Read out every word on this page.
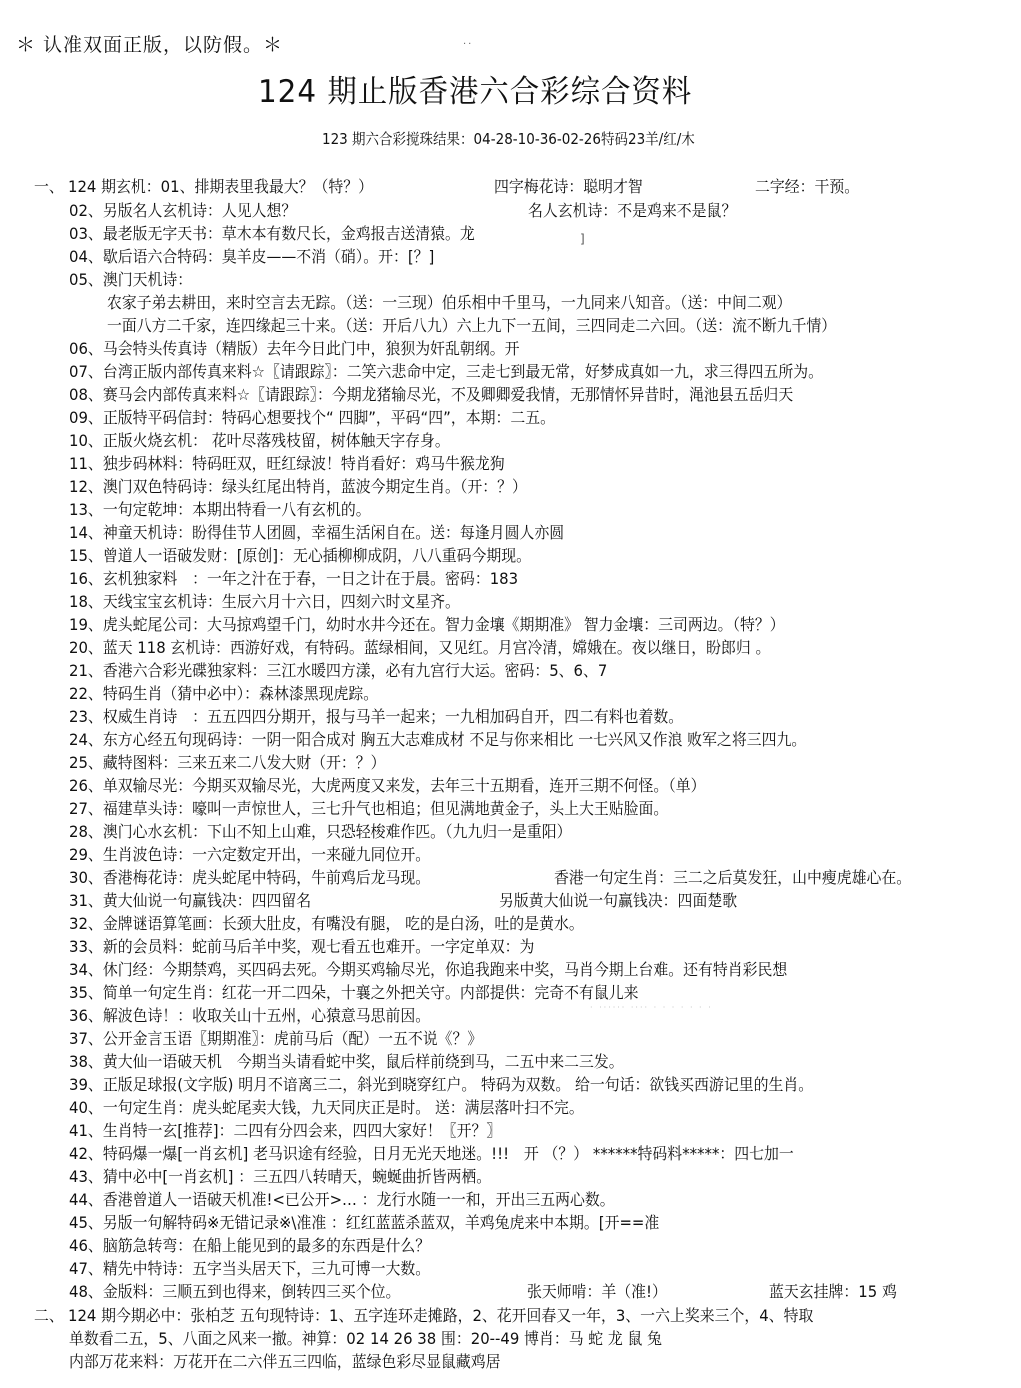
＊ 认准双面正版，以防假。＊	..
124 期止版香港六合彩综合资料
123 期六合彩搅珠结果：04-28-10-36-02-26特码23羊/红/木
一、 124 期玄机：01、排期表里我最大？（特？）	四字梅花诗：聪明才智	二字经：干预。
02、另版名人玄机诗：人见人想？	名人玄机诗：不是鸡来不是鼠？
03、最老版无字天书：草木本有数尺长，金鸡报吉送清猿。龙	]
04、歇后语六合特码：臭羊皮——不消（硝）。开：[？]
05、澳门天机诗：
农家子弟去耕田，来时空言去无踪。（送：一三现）伯乐相中千里马，一九同来八知音。（送：中间二观）
一面八方二千家，连四缘起三十来。（送：开后八九）六上九下一五间，三四同走二六回。（送：流不断九千情）
06、马会特头传真诗（精版）去年今日此门中，狼狈为奸乱朝纲。开
07、台湾正版内部传真来料☆〖请跟踪〗：二笑六悲命中定，三走七到最无常，好梦成真如一九，求三得四五所为。
08、赛马会内部传真来料☆〖请跟踪〗：今期龙猪输尽光，不及卿卿爱我情，无那情怀异昔时，渑池县五岳归天
09、正版特平码信封：特码心想要找个“ 四脚”，平码“四”，本期：二五。
10、正版火烧玄机： 花叶尽落残枝留，树体触天字存身。
11、独步码林料：特码旺双，旺红绿波！特肖看好：鸡马牛猴龙狗
12、澳门双色特码诗：绿头红尾出特肖，蓝波今期定生肖。（开：？）
13、一句定乾坤：本期出特看一八有玄机的。
14、神童天机诗：盼得佳节人团圆，幸福生活闲自在。送：每逢月圆人亦圆
15、曾道人一语破发财：[原创]：无心插柳柳成阴，八八重码今期现。
16、玄机独家料　：一年之汁在于春，一日之计在于晨。密码：183
18、天线宝宝玄机诗：生辰六月十六日，四刻六时文星齐。
19、虎头蛇尾公司：大马掠鸡望千门，幼时水井今还在。智力金壤《期期准》 智力金壤：三司两边。（特？）
20、蓝天 118 玄机诗：西游好戏，有特码。蓝绿相间，又见红。月宫冷清，嫦娥在。夜以继日，盼郎归 。
21、香港六合彩光碟独家料：三江水暖四方漾，必有九宫行大运。密码：5、6、7
22、特码生肖（猜中必中）：森林漆黑现虎踪。
23、权威生肖诗　：五五四四分期开，报与马羊一起来；一九相加码自开，四二有料也着数。
24、东方心经五句现码诗：一阴一阳合成对 胸五大志难成材 不足与你来相比 一七兴风又作浪 败军之将三四九。
25、藏特图料：三来五来二八发大财（开：？）
26、单双输尽光：今期买双输尽光，大虎两度又来发，去年三十五期看，连开三期不何怪。（单）
27、福建草头诗：嚎叫一声惊世人，三七升气也相追；但见满地黄金子，头上大王贴脸面。
28、澳门心水玄机：下山不知上山难，只恐轻梭难作匹。（九九归一是重阳）
29、生肖波色诗：一六定数定开出，一来碰九同位开。
30、香港梅花诗：虎头蛇尾中特码，牛前鸡后龙马现。	香港一句定生肖：三二之后莫发狂，山中瘦虎雄心在。
31、黄大仙说一句赢钱决：四四留名	另版黄大仙说一句赢钱决：四面楚歌
32、金牌谜语算笔画：长颈大肚皮，有嘴没有腿， 吃的是白汤，吐的是黄水。
33、新的会员料：蛇前马后羊中奖，观七看五也难开。一字定单双：为
34、休门经：今期禁鸡，买四码去死。今期买鸡输尽光，你追我跑来中奖，马肖今期上台难。还有特肖彩民想
35、简单一句定生肖：红花一开二四朵，十襄之外把关守。内部提供：完奇不有鼠儿来
36、解波色诗！：收取关山十五州，心猿意马思前因。	· ······ ···· · · · · · · ·
37、公开金言玉语〖期期准〗：虎前马后（配）一五不说《？》
38、黄大仙一语破天机　今期当头请看蛇中奖，鼠后样前绕到马，二五中来二三发。
39、正版足球报(文字版) 明月不谙离三二，斜光到晓穿红户。 特码为双数。 给一句话：欲钱买西游记里的生肖。
40、一句定生肖：虎头蛇尾卖大钱，九天同庆正是时。 送：满层落叶扫不完。
41、生肖特一玄[推荐]：二四有分四会来，四四大家好！〖开？〗
42、特码爆一爆[一肖玄机] 老马识途有经验，日月无光天地迷。!!!　开 （？） ******特码料*****：四七加一
43、猜中必中[一肖玄机] ：三五四八转晴天，蜿蜒曲折皆两栖。
44、香港曾道人一语破天机准!<已公开>… ：龙行水随一一和，开出三五两心数。
45、另版一句解特码※无错记录※\准准 ：红红蓝蓝杀蓝双，羊鸡兔虎来中本期。[开==准
46、脑筋急转弯：在船上能见到的最多的东西是什么？
47、精先中特诗：五字当头居天下，三九可博一大数。
48、金版料：三顺五到也得来，倒转四三买个位。	张天师啃：羊（准!）	蓝天玄挂牌：15 鸡
二、 124 期今期必中：张柏芝 五句现特诗：1、五字连环走摊路，2、花开回春又一年，3、一六上奖来三个，4、特取
单数看二五，5、八面之风来一撤。神算：02 14 26 38 围：20--49 博肖：马 蛇 龙 鼠 兔
内部万花来料：万花开在二六伴五三四临，蓝绿色彩尽显鼠藏鸡居
